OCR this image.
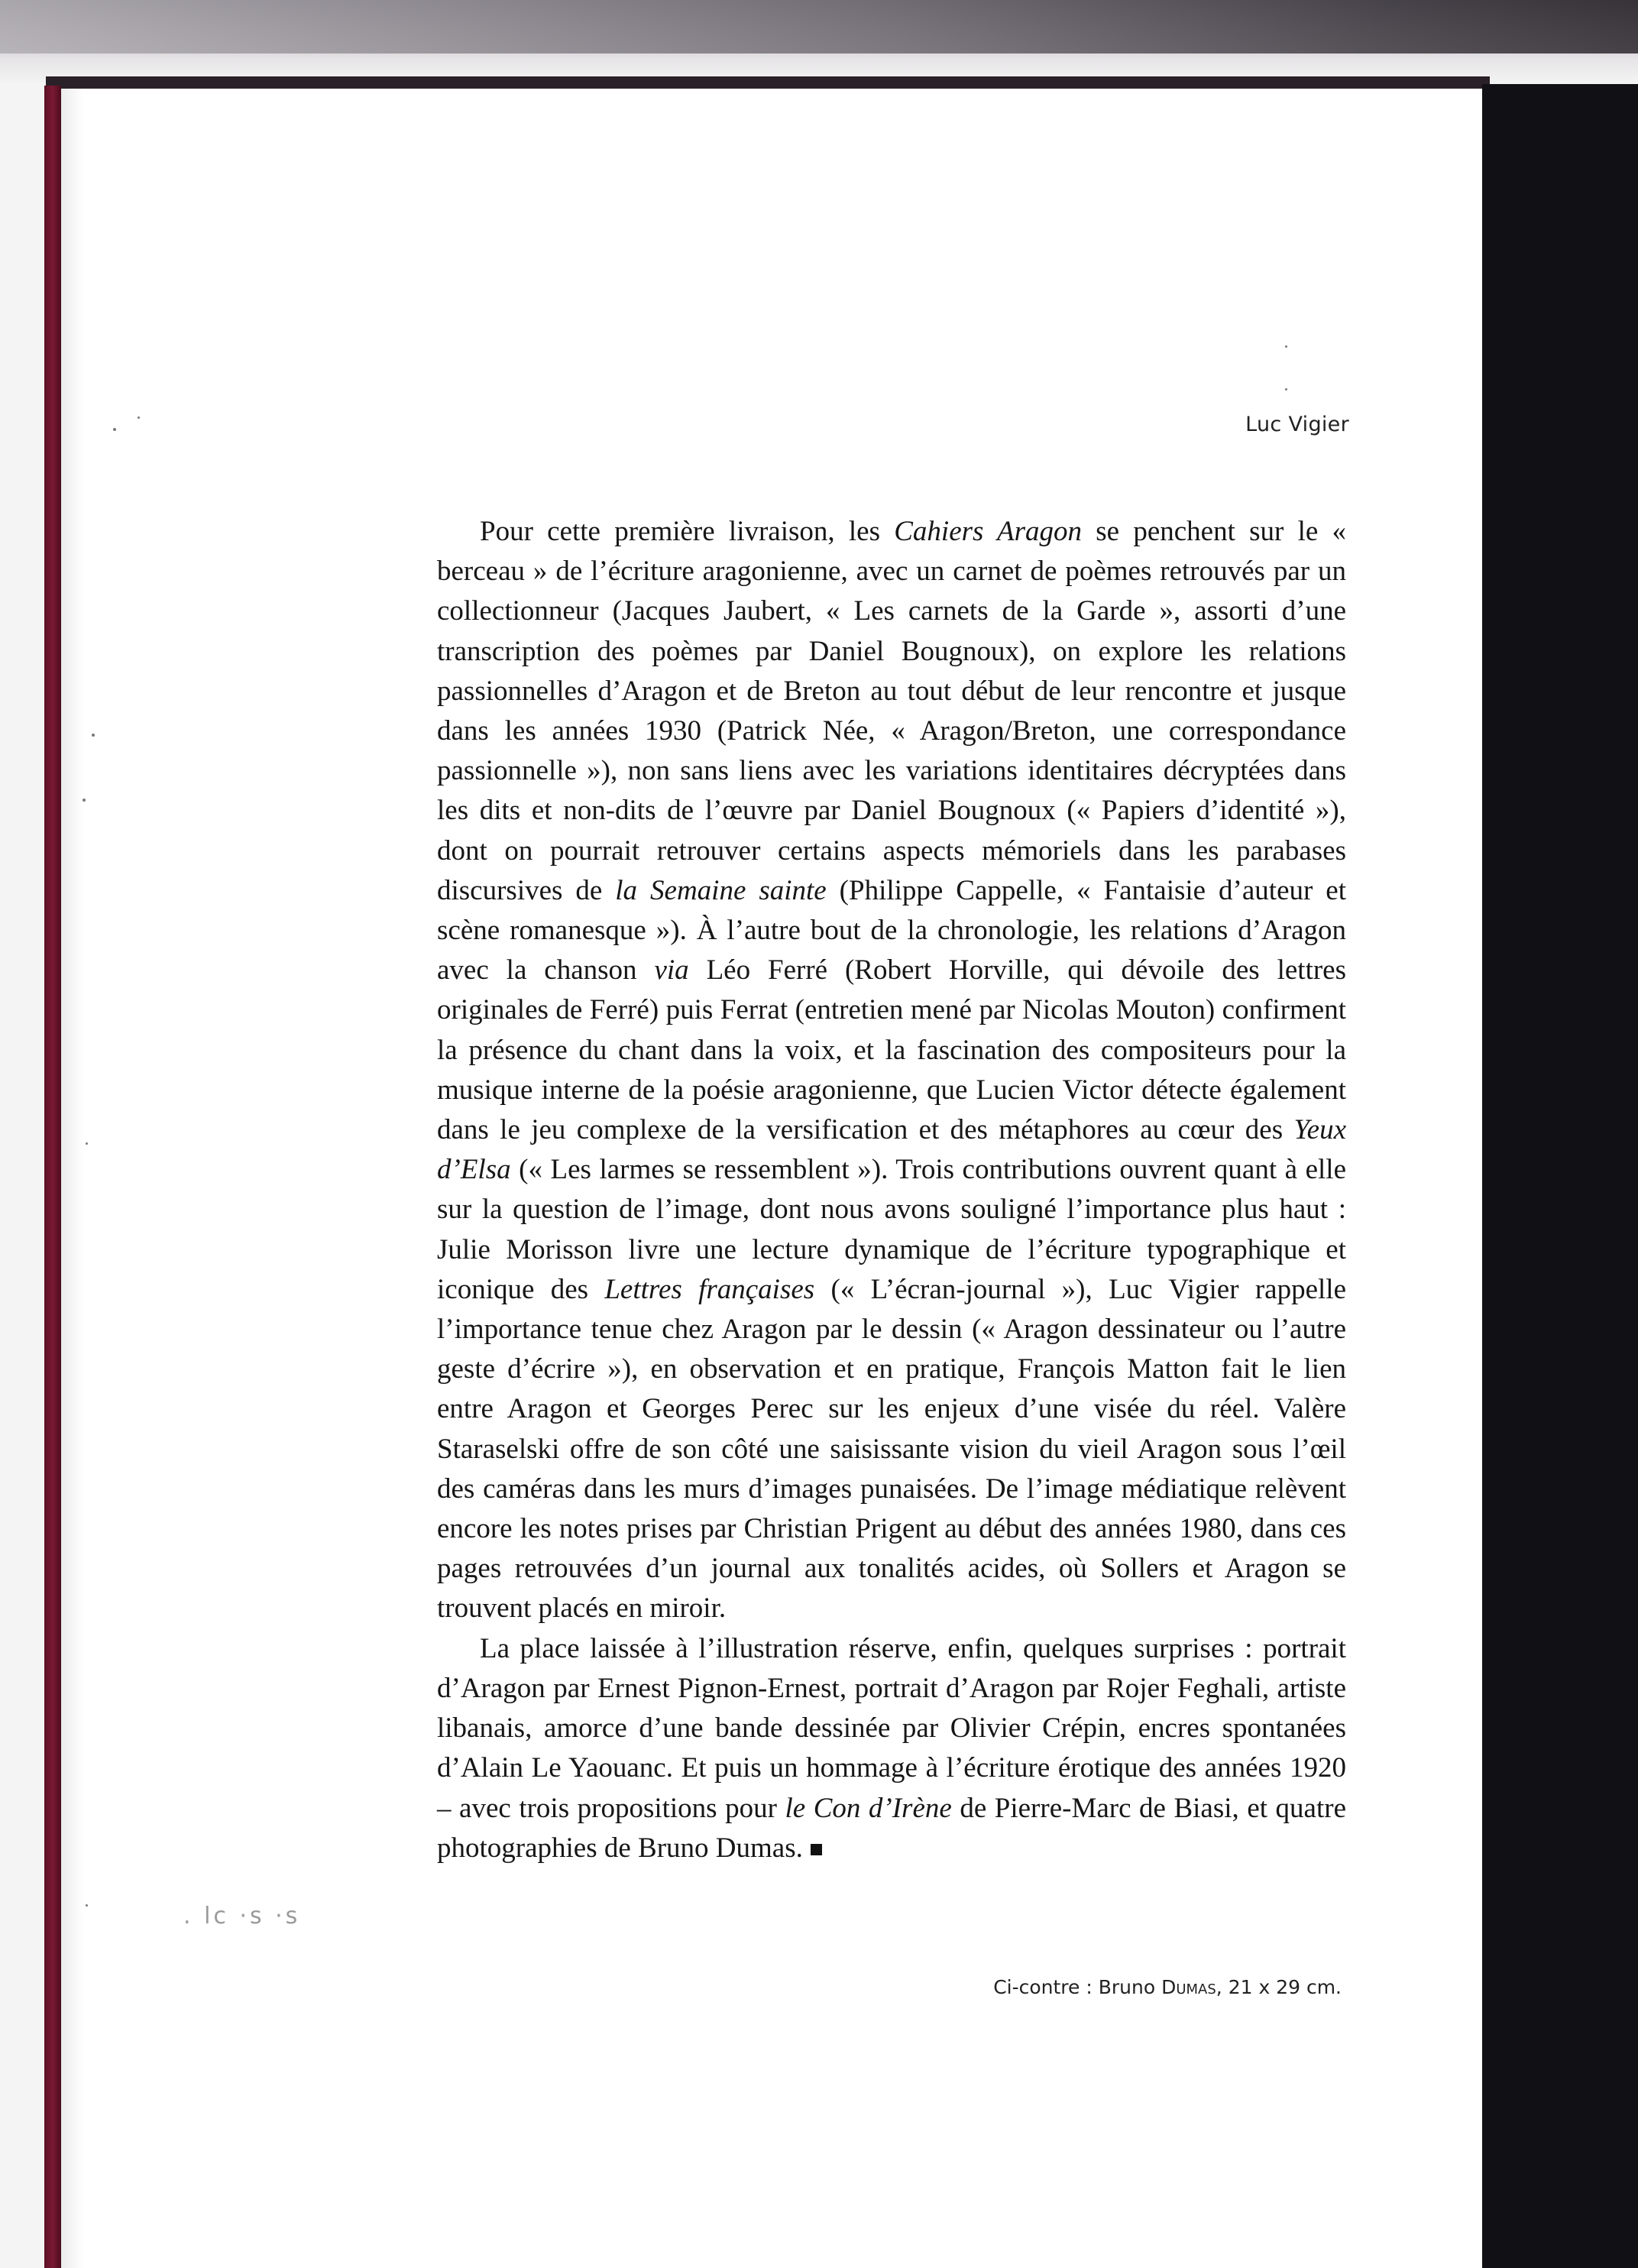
Luc Vigier

Pour cette première livraison, les Cahiers Aragon se penchent sur le « berceau » de l’écriture aragonienne, avec un carnet de poèmes retrouvés par un collectionneur (Jacques Jaubert, « Les carnets de la Garde », assorti d’une transcription des poèmes par Daniel Bougnoux), on explore les relations passionnelles d’Aragon et de Breton au tout début de leur rencontre et jusque dans les années 1930 (Patrick Née, « Aragon/Breton, une correspondance passionnelle »), non sans liens avec les variations identitaires décryptées dans les dits et non-dits de l’œuvre par Daniel Bougnoux (« Papiers d’identité »), dont on pourrait retrouver certains aspects mémoriels dans les parabases discursives de la Semaine sainte (Philippe Cappelle, « Fantaisie d’auteur et scène romanesque »). À l’autre bout de la chronologie, les relations d’Aragon avec la chanson via Léo Ferré (Robert Horville, qui dévoile des lettres originales de Ferré) puis Ferrat (entretien mené par Nicolas Mouton) confirment la présence du chant dans la voix, et la fascination des compositeurs pour la musique interne de la poésie aragonienne, que Lucien Victor détecte également dans le jeu complexe de la versification et des métaphores au cœur des Yeux d’Elsa (« Les larmes se ressemblent »). Trois contributions ouvrent quant à elle sur la question de l’image, dont nous avons souligné l’importance plus haut : Julie Morisson livre une lecture dynamique de l’écriture typographique et iconique des Lettres françaises (« L’écran-journal »), Luc Vigier rappelle l’importance tenue chez Aragon par le dessin (« Aragon dessinateur ou l’autre geste d’écrire »), en observation et en pratique, François Matton fait le lien entre Aragon et Georges Perec sur les enjeux d’une visée du réel. Valère Staraselski offre de son côté une saisissante vision du vieil Aragon sous l’œil des caméras dans les murs d’images punaisées. De l’image médiatique relèvent encore les notes prises par Christian Prigent au début des années 1980, dans ces pages retrouvées d’un journal aux tonalités acides, où Sollers et Aragon se trouvent placés en miroir.

La place laissée à l’illustration réserve, enfin, quelques surprises : portrait d’Aragon par Ernest Pignon-Ernest, portrait d’Aragon par Rojer Feghali, artiste libanais, amorce d’une bande dessinée par Olivier Crépin, encres spontanées d’Alain Le Yaouanc. Et puis un hommage à l’écriture érotique des années 1920 – avec trois propositions pour le Con d’Irène de Pierre-Marc de Biasi, et quatre photographies de Bruno Dumas.

Ci-contre : Bruno Dumas, 21 x 29 cm.
. lc ·ꜱ ·ꜱ
